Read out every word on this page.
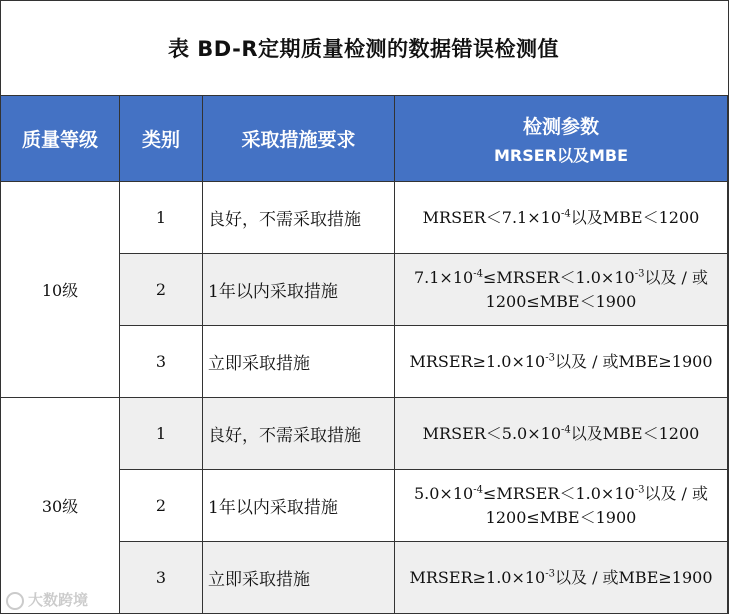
表 BD-R定期质量检测的数据错误检测值
质量等级	类别	采取措施要求	检测参数
MRSER以及MBE

10级	1	良好，不需采取措施	$MRSER<7.1\times 10^{-4}$以及MBE＜1200
	2	1年以内采取措施	$7.1\times 10^{-4}\le MRSER<1.0\times 10^{-3}$以及 / 或
1200≤MBE＜1900
	3	立即采取措施	$MRSER\ge 1.0\times 10^{-3}$以及 / 或MBE≥1900
30级	1	良好，不需采取措施	$MRSER<5.0\times 10^{-4}$以及MBE＜1200
	2	1年以内采取措施	$5.0\times 10^{-4}\le MRSER<1.0\times 10^{-3}$以及 / 或
1200≤MBE＜1900
	3	立即采取措施	$MRSER\ge 1.0\times 10^{-3}$以及 / 或MBE≥1900
大数跨境
